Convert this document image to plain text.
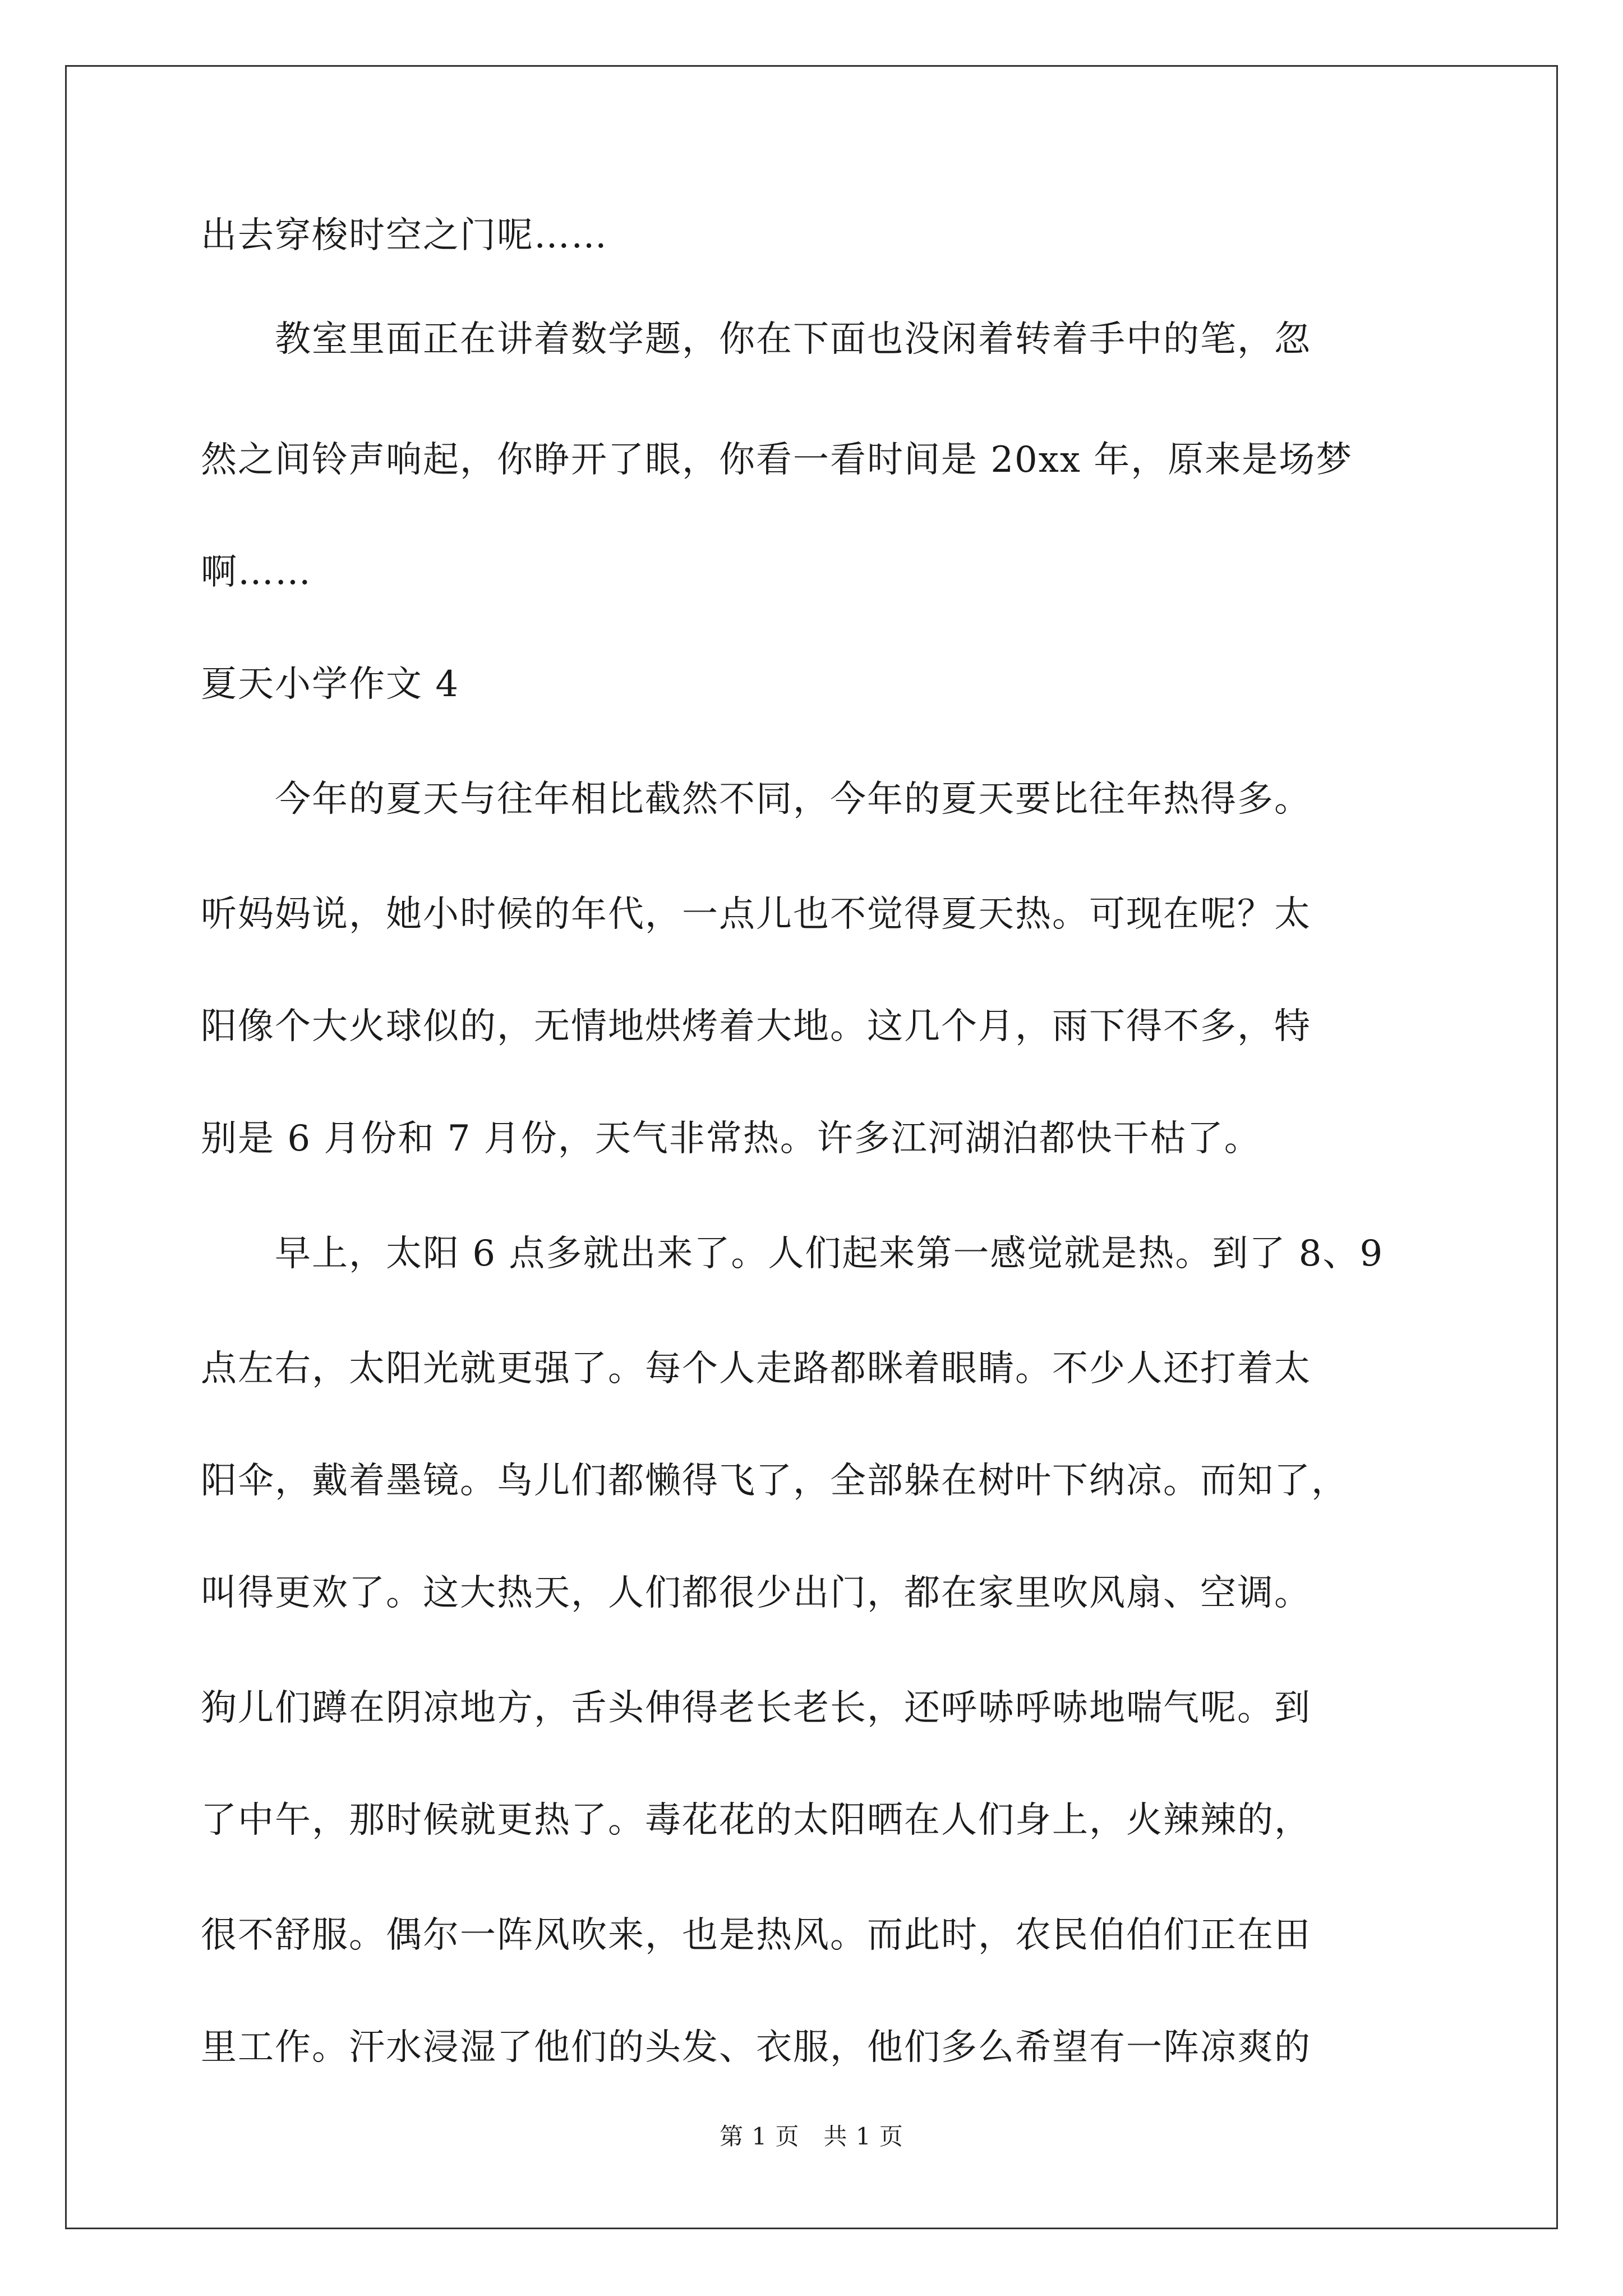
出去穿梭时空之门呢……
　　教室里面正在讲着数学题，你在下面也没闲着转着手中的笔，忽
然之间铃声响起，你睁开了眼，你看一看时间是 20xx 年，原来是场梦
啊……
夏天小学作文 4
　　今年的夏天与往年相比截然不同，今年的夏天要比往年热得多。
听妈妈说，她小时候的年代，一点儿也不觉得夏天热。可现在呢？太
阳像个大火球似的，无情地烘烤着大地。这几个月，雨下得不多，特
别是 6 月份和 7 月份，天气非常热。许多江河湖泊都快干枯了。
　　早上，太阳 6 点多就出来了。人们起来第一感觉就是热。到了 8、9
点左右，太阳光就更强了。每个人走路都眯着眼睛。不少人还打着太
阳伞，戴着墨镜。鸟儿们都懒得飞了，全部躲在树叶下纳凉。而知了，
叫得更欢了。这大热天，人们都很少出门，都在家里吹风扇、空调。
狗儿们蹲在阴凉地方，舌头伸得老长老长，还呼哧呼哧地喘气呢。到
了中午，那时候就更热了。毒花花的太阳晒在人们身上，火辣辣的，
很不舒服。偶尔一阵风吹来，也是热风。而此时，农民伯伯们正在田
里工作。汗水浸湿了他们的头发、衣服，他们多么希望有一阵凉爽的
第 1 页　共 1 页
